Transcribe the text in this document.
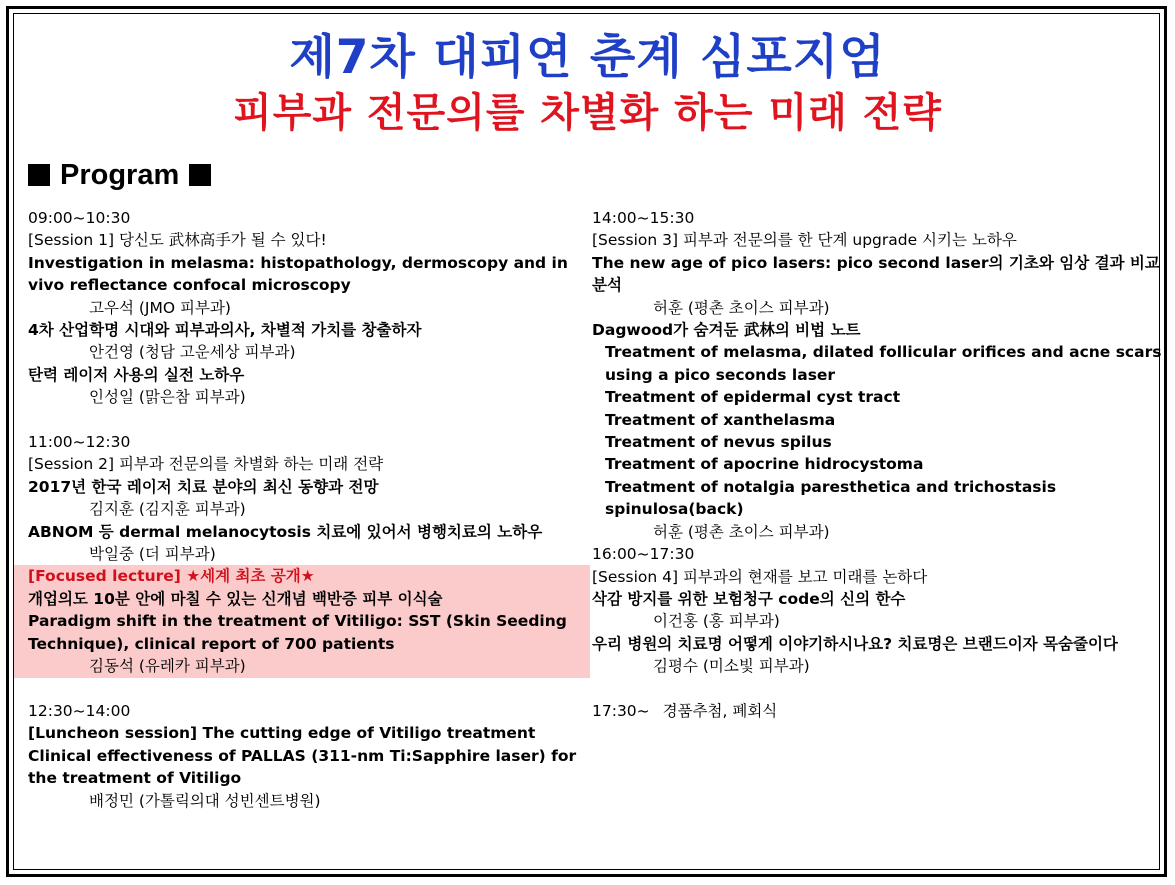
제7차 대피연 춘계 심포지엄
피부과 전문의를 차별화 하는 미래 전략
Program
09:00~10:30
[Session 1] 당신도 武林高手가 될 수 있다!
Investigation in melasma: histopathology, dermoscopy and in vivo reflectance confocal microscopy
고우석 (JMO 피부과)
4차 산업학명 시대와 피부과의사, 차별적 가치를 창출하자
안건영 (청담 고운세상 피부과)
탄력 레이저 사용의 실전 노하우
인성일 (맑은참 피부과)
11:00~12:30
[Session 2] 피부과 전문의를 차별화 하는 미래 전략
2017년 한국 레이저 치료 분야의 최신 동향과 전망
김지훈 (김지훈 피부과)
ABNOM 등 dermal melanocytosis 치료에 있어서 병행치료의 노하우
박일중 (더 피부과)
[Focused lecture] ★세계 최초 공개★
개업의도 10분 안에 마칠 수 있는 신개념 백반증 피부 이식술
Paradigm shift in the treatment of Vitiligo: SST (Skin Seeding Technique), clinical report of 700 patients
김동석 (유레카 피부과)
12:30~14:00
[Luncheon session] The cutting edge of Vitiligo treatment
Clinical effectiveness of PALLAS (311-nm Ti:Sapphire laser) for the treatment of Vitiligo
배정민 (가톨릭의대 성빈센트병원)
14:00~15:30
[Session 3] 피부과 전문의를 한 단계 upgrade 시키는 노하우
The new age of pico lasers: pico second laser의 기초와 임상 결과 비교 분석
허훈 (평촌 초이스 피부과)
Dagwood가 숨겨둔 武林의 비법 노트
Treatment of melasma, dilated follicular orifices and acne scars using a pico seconds laser
Treatment of epidermal cyst tract
Treatment of xanthelasma
Treatment of nevus spilus
Treatment of apocrine hidrocystoma
Treatment of notalgia paresthetica and trichostasis spinulosa(back)
허훈 (평촌 초이스 피부과)
16:00~17:30
[Session 4] 피부과의 현재를 보고 미래를 논하다
삭감 방지를 위한 보험청구 code의 신의 한수
이건홍 (홍 피부과)
우리 병원의 치료명 어떻게 이야기하시나요? 치료명은 브랜드이자 목숨줄이다
김평수 (미소빛 피부과)
17:30~ 경품추첨, 폐회식
